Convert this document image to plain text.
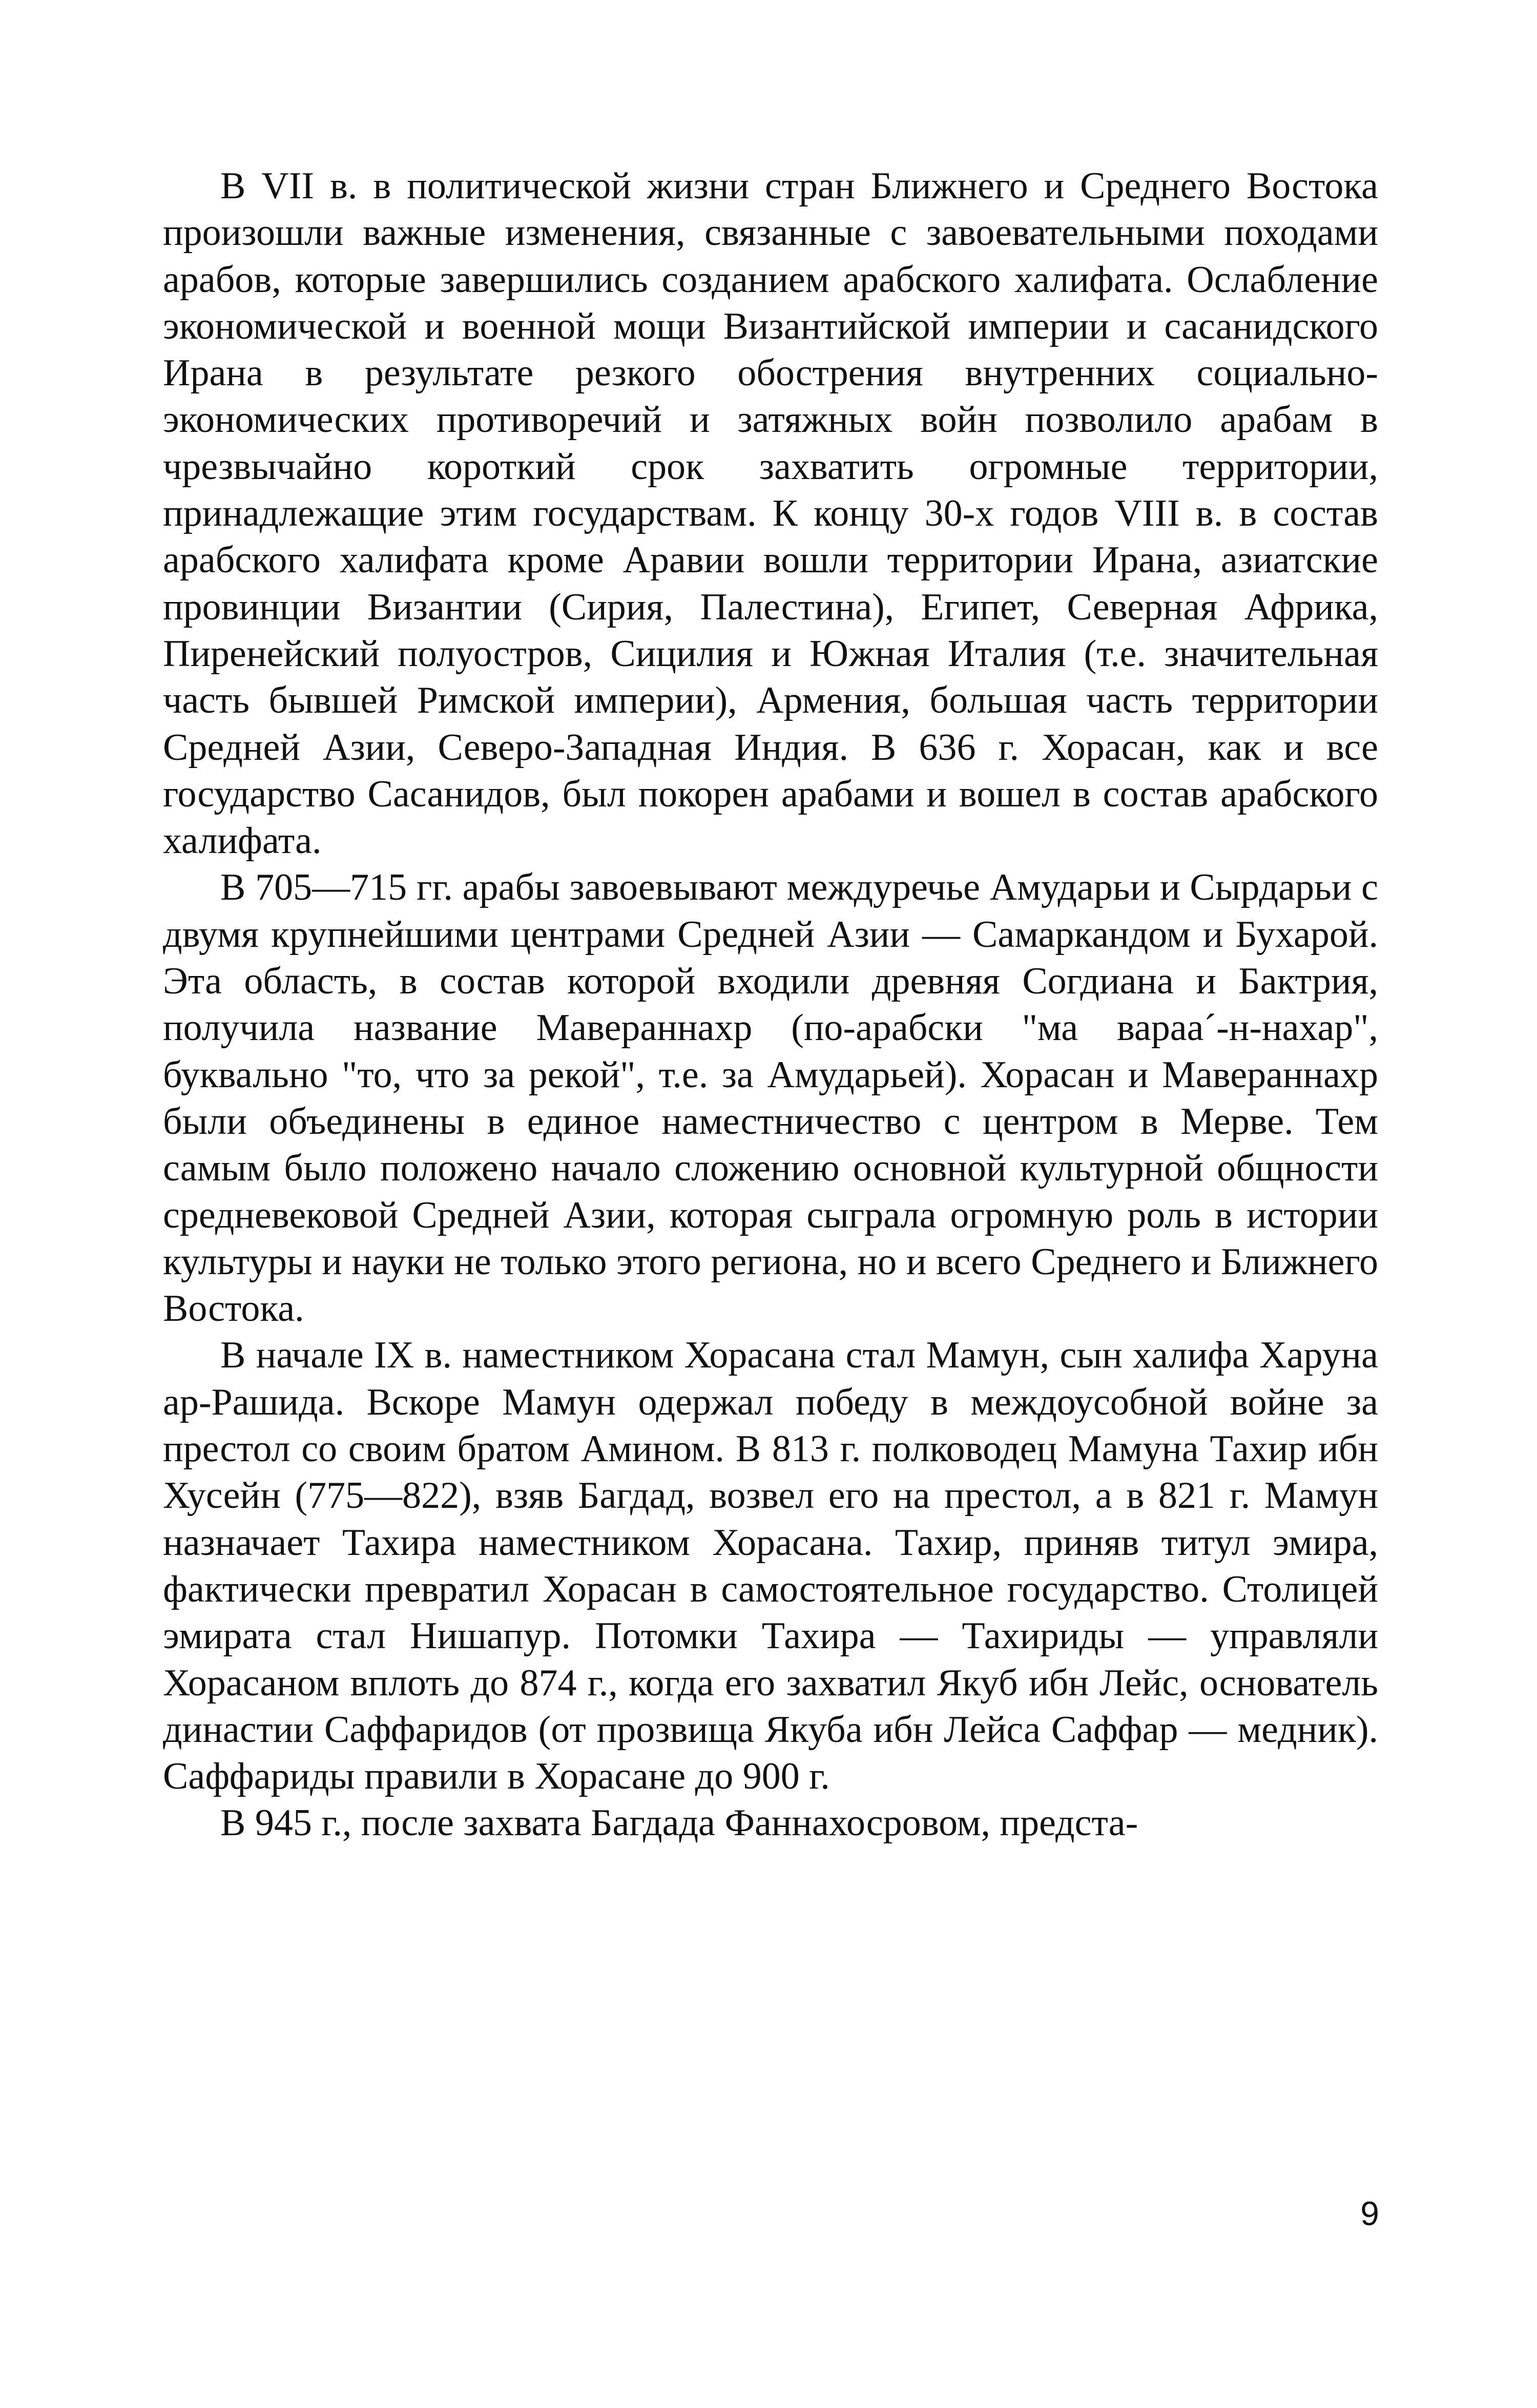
В VII в. в политической жизни стран Ближнего и Среднего Востока произошли важные изменения, связанные с завоевательными походами арабов, которые завершились созданием арабского халифата. Ослабление экономической и военной мощи Византийской империи и сасанидского Ирана в результате резкого обострения внутренних социально-экономических противоречий и затяжных войн позволило арабам в чрезвычайно короткий срок захватить огромные территории, принадлежащие этим государствам. К концу 30-х годов VIII в. в состав арабского халифата кроме Аравии вошли территории Ирана, азиатские провинции Византии (Сирия, Палестина), Египет, Северная Африка, Пиренейский полуостров, Сицилия и Южная Италия (т.е. значительная часть бывшей Римской империи), Армения, большая часть территории Средней Азии, Северо-Западная Индия. В 636 г. Хорасан, как и все государство Сасанидов, был покорен арабами и вошел в состав арабского халифата.

В 705—715 гг. арабы завоевывают междуречье Амударьи и Сырдарьи с двумя крупнейшими центрами Средней Азии — Самаркандом и Бухарой. Эта область, в состав которой входили древняя Согдиана и Бактрия, получила название Мавераннахр (по-арабски "ма вараа´-н-нахар", буквально "то, что за рекой", т.е. за Амударьей). Хорасан и Мавераннахр были объединены в единое наместничество с центром в Мерве. Тем самым было положено начало сложению основной культурной общности средневековой Средней Азии, которая сыграла огромную роль в истории культуры и науки не только этого региона, но и всего Среднего и Ближнего Востока.

В начале IX в. наместником Хорасана стал Мамун, сын халифа Харуна ар-Рашида. Вскоре Мамун одержал победу в междоусобной войне за престол со своим братом Амином. В 813 г. полководец Мамуна Тахир ибн Хусейн (775—822), взяв Багдад, возвел его на престол, а в 821 г. Мамун назначает Тахира наместником Хорасана. Тахир, приняв титул эмира, фактически превратил Хорасан в самостоятельное государство. Столицей эмирата стал Нишапур. Потомки Тахира — Тахириды — управляли Хорасаном вплоть до 874 г., когда его захватил Якуб ибн Лейс, основатель династии Саффаридов (от прозвища Якуба ибн Лейса Саффар — медник). Саффариды правили в Хорасане до 900 г.

В 945 г., после захвата Багдада Фаннахосровом, предста-

9
